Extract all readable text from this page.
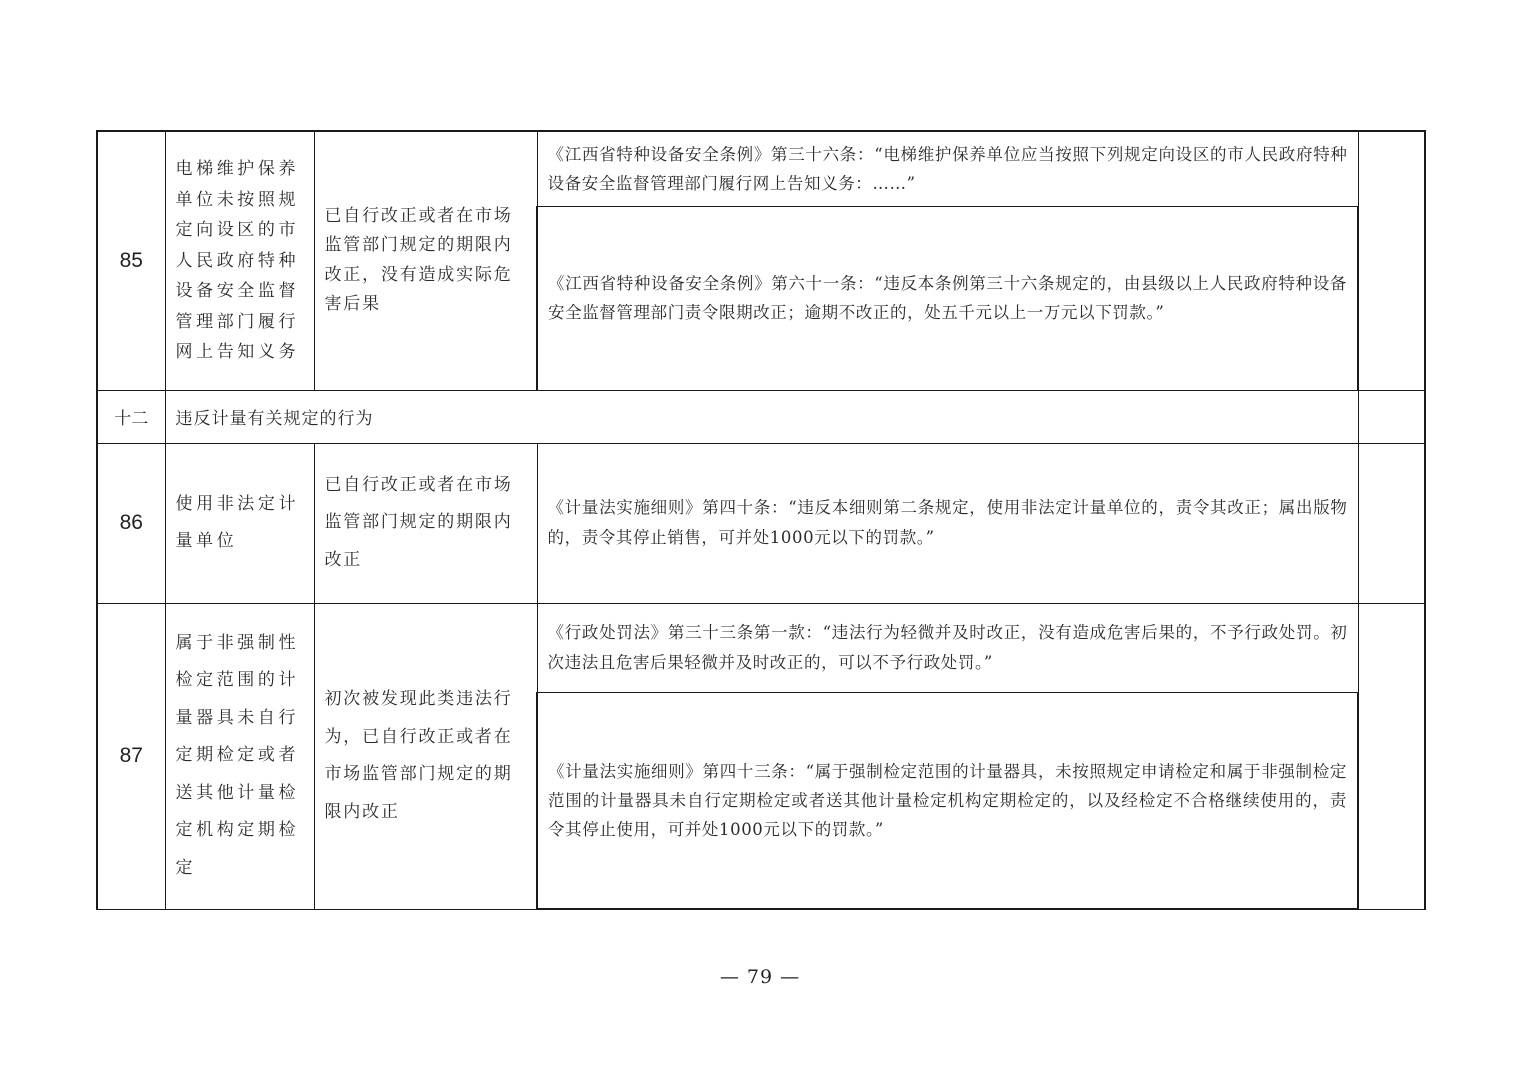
85	电梯维护保养单位未按照规定向设区的市人民政府特种设备安全监督管理部门履行网上告知义务	已自行改正或者在市场监管部门规定的期限内改正，没有造成实际危害后果	《江西省特种设备安全条例》第三十六条：“电梯维护保养单位应当按照下列规定向设区的市人民政府特种设备安全监督管理部门履行网上告知义务：……”	
			《江西省特种设备安全条例》第六十一条：“违反本条例第三十六条规定的，由县级以上人民政府特种设备安全监督管理部门责令限期改正；逾期不改正的，处五千元以上一万元以下罚款。”	
十二	违反计量有关规定的行为			
86	使用非法定计量单位	已自行改正或者在市场监管部门规定的期限内改正	《计量法实施细则》第四十条：“违反本细则第二条规定，使用非法定计量单位的，责令其改正；属出版物的，责令其停止销售，可并处1000元以下的罚款。”	
87	属于非强制性检定范围的计量器具未自行定期检定或者送其他计量检定机构定期检定	初次被发现此类违法行为，已自行改正或者在市场监管部门规定的期限内改正	《行政处罚法》第三十三条第一款：“违法行为轻微并及时改正，没有造成危害后果的，不予行政处罚。初次违法且危害后果轻微并及时改正的，可以不予行政处罚。”	
			《计量法实施细则》第四十三条：“属于强制检定范围的计量器具，未按照规定申请检定和属于非强制检定范围的计量器具未自行定期检定或者送其他计量检定机构定期检定的，以及经检定不合格继续使用的，责令其停止使用，可并处1000元以下的罚款。”	
— 79 —
